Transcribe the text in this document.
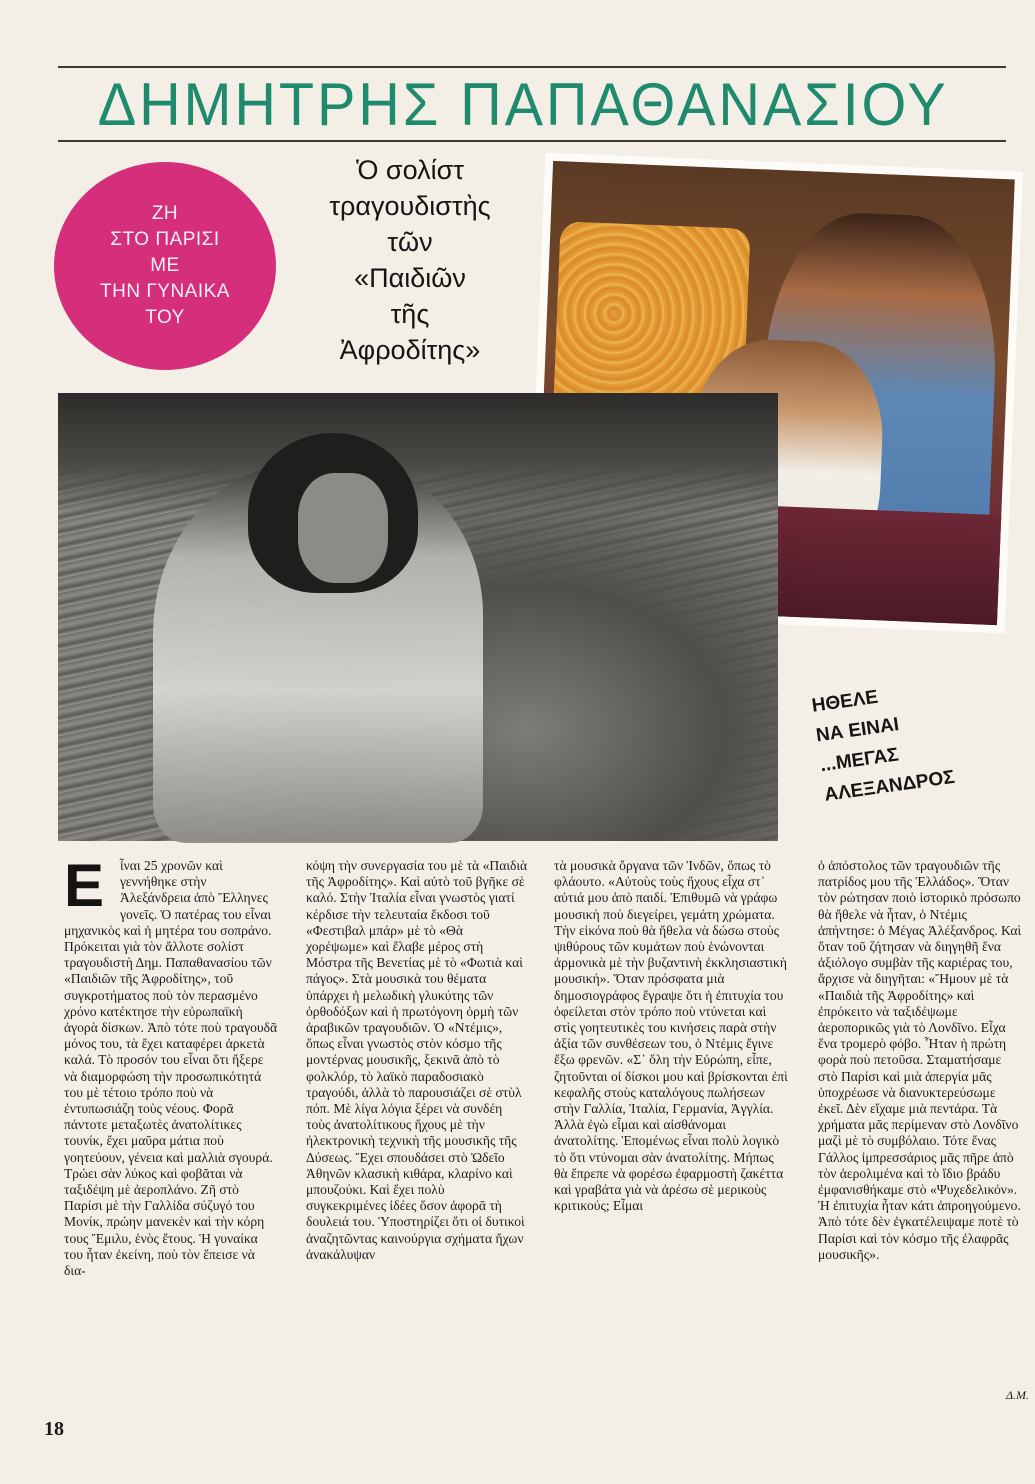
ΔΗΜΗΤΡΗΣ ΠΑΠΑΘΑΝΑΣΙΟΥ
ΖΗ
ΣΤΟ ΠΑΡΙΣΙ
ΜΕ
ΤΗΝ ΓΥΝΑΙΚΑ
ΤΟΥ
Ὁ σολίστ
τραγουδιστὴς
τῶν
«Παιδιῶν
τῆς
Ἀφροδίτης»
ΗΘΕΛΕ
ΝΑ ΕΙΝΑΙ
...ΜΕΓΑΣ
ΑΛΕΞΑΝΔΡΟΣ
Ε	ἶναι 25 χρονῶν καὶ γεννήθηκε στὴν Ἀλεξάνδρεια ἀπὸ Ἕλληνες γονεῖς. Ὁ πατέρας του εἶναι μηχανικὸς καὶ ἡ μητέρα του σοπράνο. Πρόκειται γιὰ τὸν ἄλλοτε σολίστ τραγουδιστὴ Δημ. Παπαθανασίου τῶν «Παιδιῶν τῆς Ἀφροδίτης», τοῦ συγκροτήματος ποὺ τὸν περασμένο χρόνο κατέκτησε τὴν εὐρωπαϊκὴ ἀγορὰ δίσκων. Ἀπὸ τότε ποὺ τραγουδᾶ μόνος του, τὰ ἔχει καταφέρει ἀρκετὰ καλά. Τὸ προσόν του εἶναι ὅτι ἤξερε νὰ διαμορφώση τὴν προσωπικότητά του μὲ τέτοιο τρόπο ποὺ νὰ ἐντυπωσιάζη τοὺς νέους. Φορᾶ πάντοτε μεταξωτὲς ἀνατολίτικες τουνίκ, ἔχει μαῦρα μάτια ποὺ γοητεύουν, γένεια καὶ μαλλιὰ σγουρά. Τρώει σὰν λύκος καὶ φοβᾶται νὰ ταξιδέψη μὲ ἀεροπλάνο. Ζῆ στὸ Παρίσι μὲ τὴν Γαλλίδα σύζυγό του Μονίκ, πρώην μανεκὲν καὶ τὴν κόρη τους Ἔμιλυ, ἑνὸς ἔτους. Ἡ γυναίκα του ἦταν ἐκείνη, ποὺ τὸν ἔπεισε νὰ δια-

κόψη τὴν συνεργασία του μὲ τὰ «Παιδιὰ τῆς Ἀφροδίτης». Καὶ αὐτὸ τοῦ βγῆκε σὲ καλό. Στὴν Ἰταλία εἶναι γνωστὸς γιατί κέρδισε τὴν τελευταία ἔκδοσι τοῦ «Φεστιβαλ μπάρ» μὲ τὸ «Θὰ χορέψωμε» καὶ ἔλαβε μέρος στὴ Μόστρα τῆς Βενετίας μὲ τὸ «Φωτιὰ καὶ πάγος». Στὰ μουσικὰ του θέματα ὑπάρχει ἡ μελωδικὴ γλυκύτης τῶν ὀρθοδόξων καὶ ἡ πρωτόγονη ὁρμὴ τῶν ἀραβικῶν τραγουδιῶν. Ὁ «Ντέμις», ὅπως εἶναι γνωστὸς στὸν κόσμο τῆς μοντέρνας μουσικῆς, ξεκινᾶ ἀπὸ τὸ φολκλόρ, τὸ λαϊκὸ παραδοσιακὸ τραγούδι, ἀλλὰ τὸ παρουσιάζει σὲ στὺλ πόπ. Μὲ λίγα λόγια ξέρει νὰ συνδέη τοὺς ἀνατολίτικους ἤχους μὲ τὴν ἠλεκτρονικὴ τεχνικὴ τῆς μουσικῆς τῆς Δύσεως. Ἔχει σπουδάσει στὸ Ὠδεῖο Ἀθηνῶν κλασικὴ κιθάρα, κλαρίνο καὶ μπουζούκι. Καὶ ἔχει πολὺ συγκεκριμένες ἰδέες ὅσον ἀφορᾶ τὴ δουλειά του. Ὑποστηρίζει ὅτι οἱ δυτικοὶ ἀναζητῶντας καινούργια σχήματα ἤχων ἀνακάλυψαν

τὰ μουσικὰ ὄργανα τῶν Ἰνδῶν, ὅπως τὸ φλάουτο. «Αὐτοὺς τοὺς ἤχους εἶχα στ᾽ αὐτιά μου ἀπὸ παιδί. Ἐπιθυμῶ νὰ γράφω μουσικὴ ποὺ διεγείρει, γεμάτη χρώματα. Τὴν εἰκόνα ποὺ θὰ ἤθελα νὰ δώσω στοὺς ψιθύρους τῶν κυμάτων ποὺ ἑνώνονται ἁρμονικὰ μὲ τὴν βυζαντινὴ ἐκκλησιαστικὴ μουσική». Ὅταν πρόσφατα μιὰ δημοσιογράφος ἔγραψε ὅτι ἡ ἐπιτυχία του ὀφείλεται στὸν τρόπο ποὺ ντύνεται καὶ στὶς γοητευτικὲς του κινήσεις παρὰ στὴν ἀξία τῶν συνθέσεων του, ὁ Ντέμις ἔγινε ἔξω φρενῶν. «Σ᾽ ὅλη τὴν Εὐρώπη, εἶπε, ζητοῦνται οἱ δίσκοι μου καὶ βρίσκονται ἐπὶ κεφαλῆς στοὺς καταλόγους πωλήσεων στὴν Γαλλία, Ἰταλία, Γερμανία, Ἀγγλία. Ἀλλὰ ἐγὼ εἶμαι καὶ αἰσθάνομαι ἀνατολίτης. Ἑπομένως εἶναι πολὺ λογικὸ τὸ ὅτι ντύνομαι σὰν ἀνατολίτης. Μήπως θὰ ἔπρεπε νὰ φορέσω ἐφαρμοστὴ ζακέττα καὶ γραβάτα γιὰ νὰ ἀρέσω σὲ μερικοὺς κριτικούς; Εἶμαι

ὁ ἀπόστολος τῶν τραγουδιῶν τῆς πατρίδος μου τῆς Ἑλλάδος». Ὅταν τὸν ρώτησαν ποιὸ ἱστορικὸ πρόσωπο θὰ ἤθελε νὰ ἦταν, ὁ Ντέμις ἀπήντησε: ὁ Μέγας Ἀλέξανδρος. Καὶ ὅταν τοῦ ζήτησαν νὰ διηγηθῆ ἕνα ἀξιόλογο συμβὰν τῆς καριέρας του, ἄρχισε νὰ διηγῆται: «Ἤμουν μὲ τὰ «Παιδιὰ τῆς Ἀφροδίτης» καὶ ἐπρόκειτο νὰ ταξιδέψωμε ἀεροπορικῶς γιὰ τὸ Λονδῖνο. Εἶχα ἕνα τρομερὸ φόβο. Ἦταν ἡ πρώτη φορὰ ποὺ πετοῦσα. Σταματήσαμε στὸ Παρίσι καὶ μιὰ ἀπεργία μᾶς ὑποχρέωσε νὰ διανυκτερεύσωμε ἐκεῖ. Δὲν εἴχαμε μιὰ πεντάρα. Τὰ χρήματα μᾶς περίμεναν στὸ Λονδῖνο μαζὶ μὲ τὸ συμβόλαιο. Τότε ἕνας Γάλλος ἰμπρεσσάριος μᾶς πῆρε ἀπὸ τὸν ἀερολιμένα καὶ τὸ ἴδιο βράδυ ἐμφανισθήκαμε στὸ «Ψυχεδελικόν». Ἡ ἐπιτυχία ἦταν κάτι ἀπροηγούμενο. Ἀπὸ τότε δὲν ἐγκατέλειψαμε ποτὲ τὸ Παρίσι καὶ τὸν κόσμο τῆς ἐλαφρᾶς μουσικῆς».

18
Δ.Μ.
